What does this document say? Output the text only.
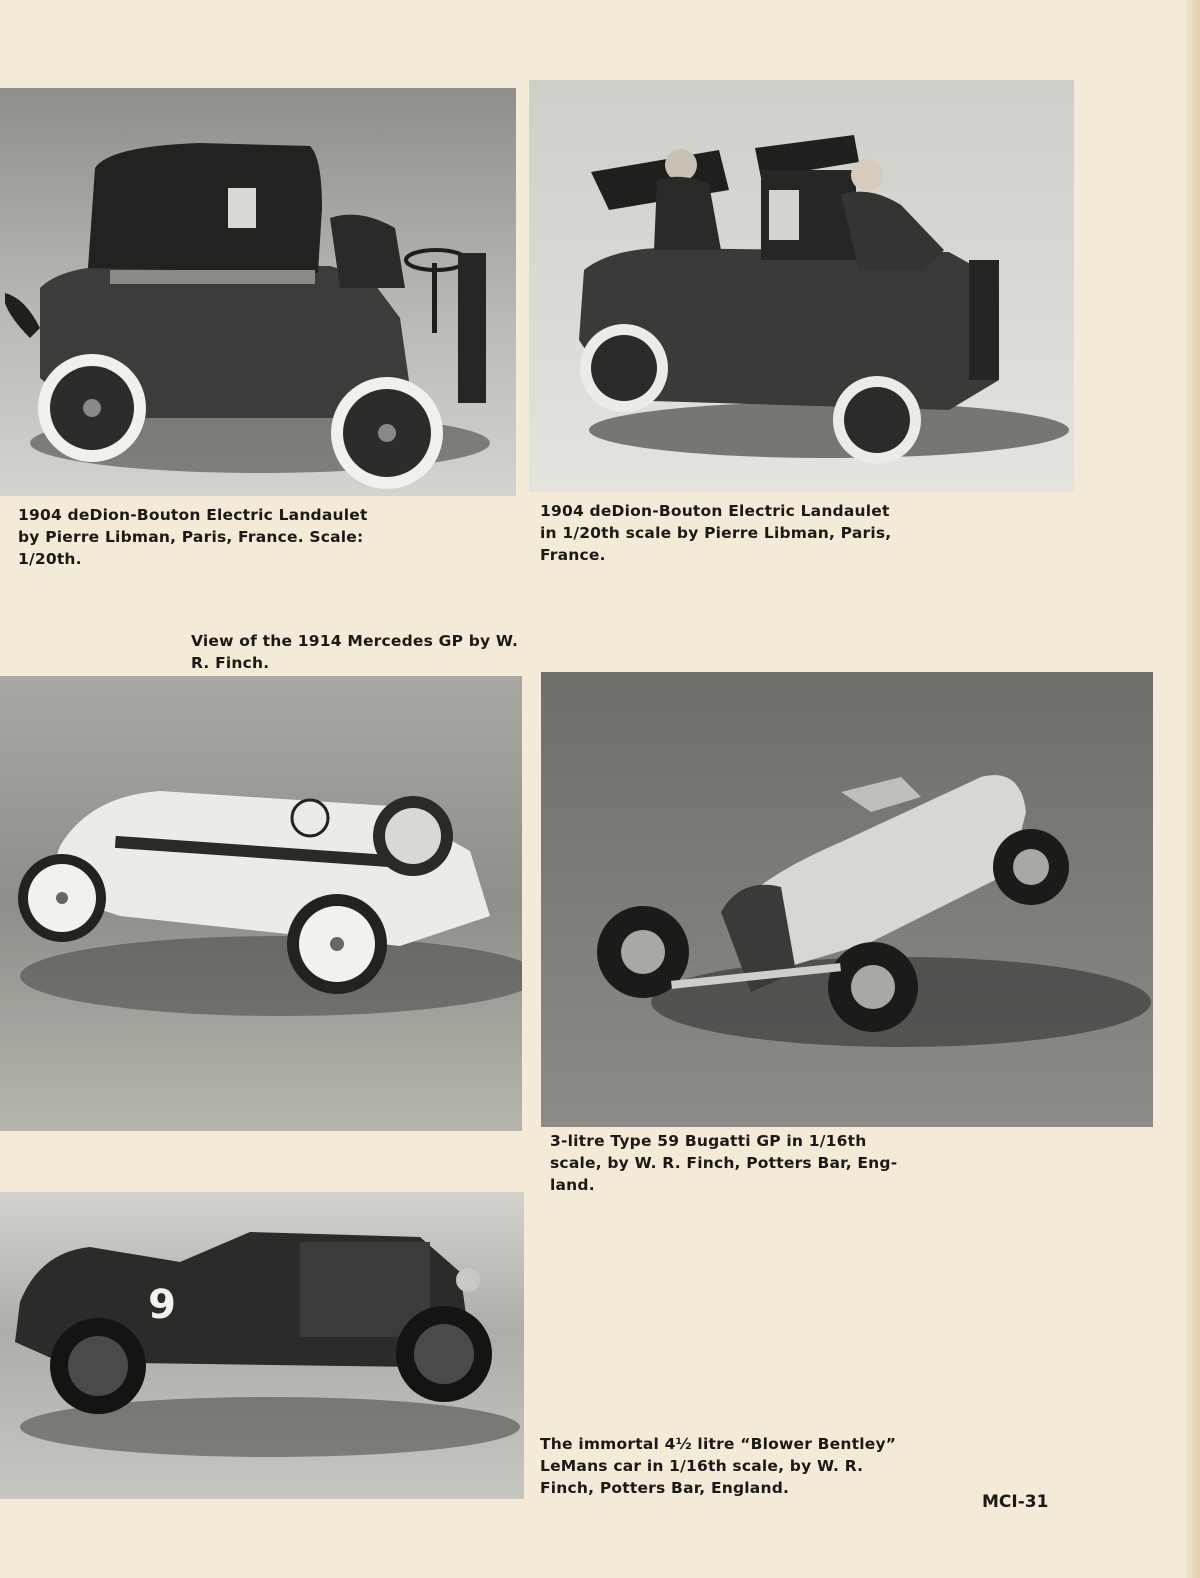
1904 deDion-Bouton Electric Landaulet
by Pierre Libman, Paris, France. Scale:
1/20th.

1904 deDion-Bouton Electric Landaulet
in 1/20th scale by Pierre Libman, Paris,
France.

View of the 1914 Mercedes GP by W.
R. Finch.

3-litre Type 59 Bugatti GP in 1/16th
scale, by W. R. Finch, Potters Bar, Eng-
land.

9

The immortal 4½ litre “Blower Bentley”
LeMans car in 1/16th scale, by W. R.
Finch, Potters Bar, England.

MCI-31
